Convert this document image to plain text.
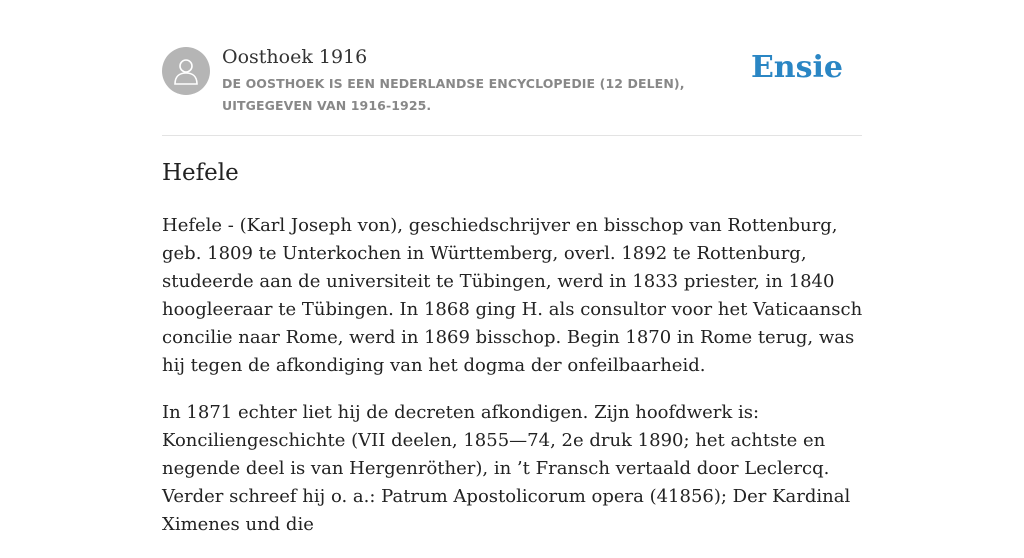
Oosthoek 1916
DE OOSTHOEK IS EEN NEDERLANDSE ENCYCLOPEDIE (12 DELEN), UITGEGEVEN VAN 1916-1925.
Ensie
Hefele

Hefele - (Karl Joseph von), geschiedschrijver en bisschop van Rottenburg, geb. 1809 te Unterkochen in Württemberg, overl. 1892 te Rottenburg, studeerde aan de universiteit te Tübingen, werd in 1833 priester, in 1840 hoogleeraar te Tübingen. In 1868 ging H. als consultor voor het Vaticaansch concilie naar Rome, werd in 1869 bisschop. Begin 1870 in Rome terug, was hij tegen de afkondiging van het dogma der onfeilbaarheid.

In 1871 echter liet hij de decreten afkondigen. Zijn hoofdwerk is: Konciliengeschichte (VII deelen, 1855—74, 2e druk 1890; het achtste en negende deel is van Hergenröther), in ’t Fransch vertaald door Leclercq. Verder schreef hij o. a.: Patrum Apostolicorum opera (41856); Der Kardinal Ximenes und die
